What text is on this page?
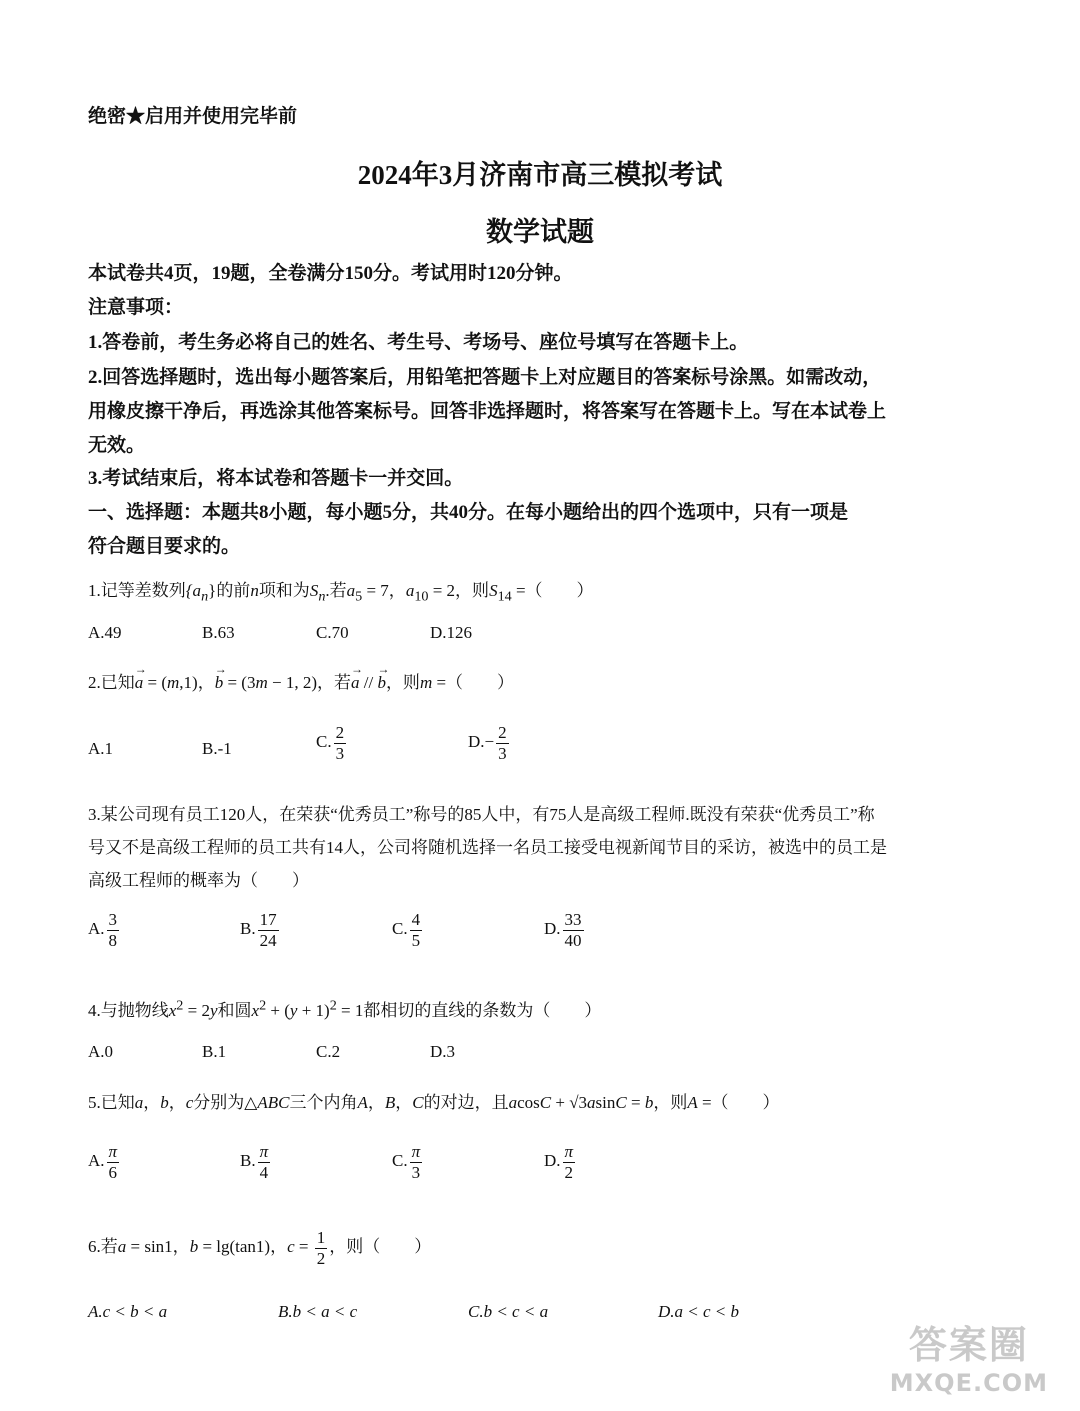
绝密★启用并使用完毕前
2024年3月济南市高三模拟考试
数学试题
本试卷共4页，19题，全卷满分150分。考试用时120分钟。
注意事项：
1.答卷前，考生务必将自己的姓名、考生号、考场号、座位号填写在答题卡上。
2.回答选择题时，选出每小题答案后，用铅笔把答题卡上对应题目的答案标号涂黑。如需改动，
用橡皮擦干净后，再选涂其他答案标号。回答非选择题时，将答案写在答题卡上。写在本试卷上
无效。
3.考试结束后，将本试卷和答题卡一并交回。
一、选择题：本题共8小题，每小题5分，共40分。在每小题给出的四个选项中，只有一项是
符合题目要求的。
1.记等差数列$\{a_n\}$的前n项和为$S_n$.若$a_5 = 7$，$a_{10} = 2$，则$S_{14}$ =（　　）
A.49	B.63	C.70	D.126
2.已知a
→
= (m,1)，b
→
= (3m − 1, 2)，若a
→
// b
→
，则m =（　　）
A.1	B.-1	C. $\frac{2}{3}$	$D.- \frac{2}{3}$
3.某公司现有员工120人，在荣获“优秀员工”称号的85人中，有75人是高级工程师.既没有荣获“优秀员工”称
号又不是高级工程师的员工共有14人，公司将随机选择一名员工接受电视新闻节目的采访，被选中的员工是
高级工程师的概率为（　　）
A. $\frac{3}{8}$	B. $\frac{17}{24}$	C. $\frac{4}{5}$	D. $\frac{33}{40}$
4.与抛物线$x^2 = 2y$和圆$x^2 + (y + 1)^2 = 1$都相切的直线的条数为（　　）
A.0	B.1	C.2	D.3
5.已知a，b，c分别为△ABC三个内角A，B，C的对边，且acosC + √3asinC = b，则A =（　　）
A. $\frac{\pi}{6}$	B. $\frac{\pi}{4}$	C. $\frac{\pi}{3}$	D. $\frac{\pi}{2}$
6.若a = sin1，b = lg(tan1)，$c = \frac{1}{2}$ ，则（　　）
A.c < b < a	B.b < a < c	C.b < c < a	D.a < c < b
答案圈
MXQE.COM
